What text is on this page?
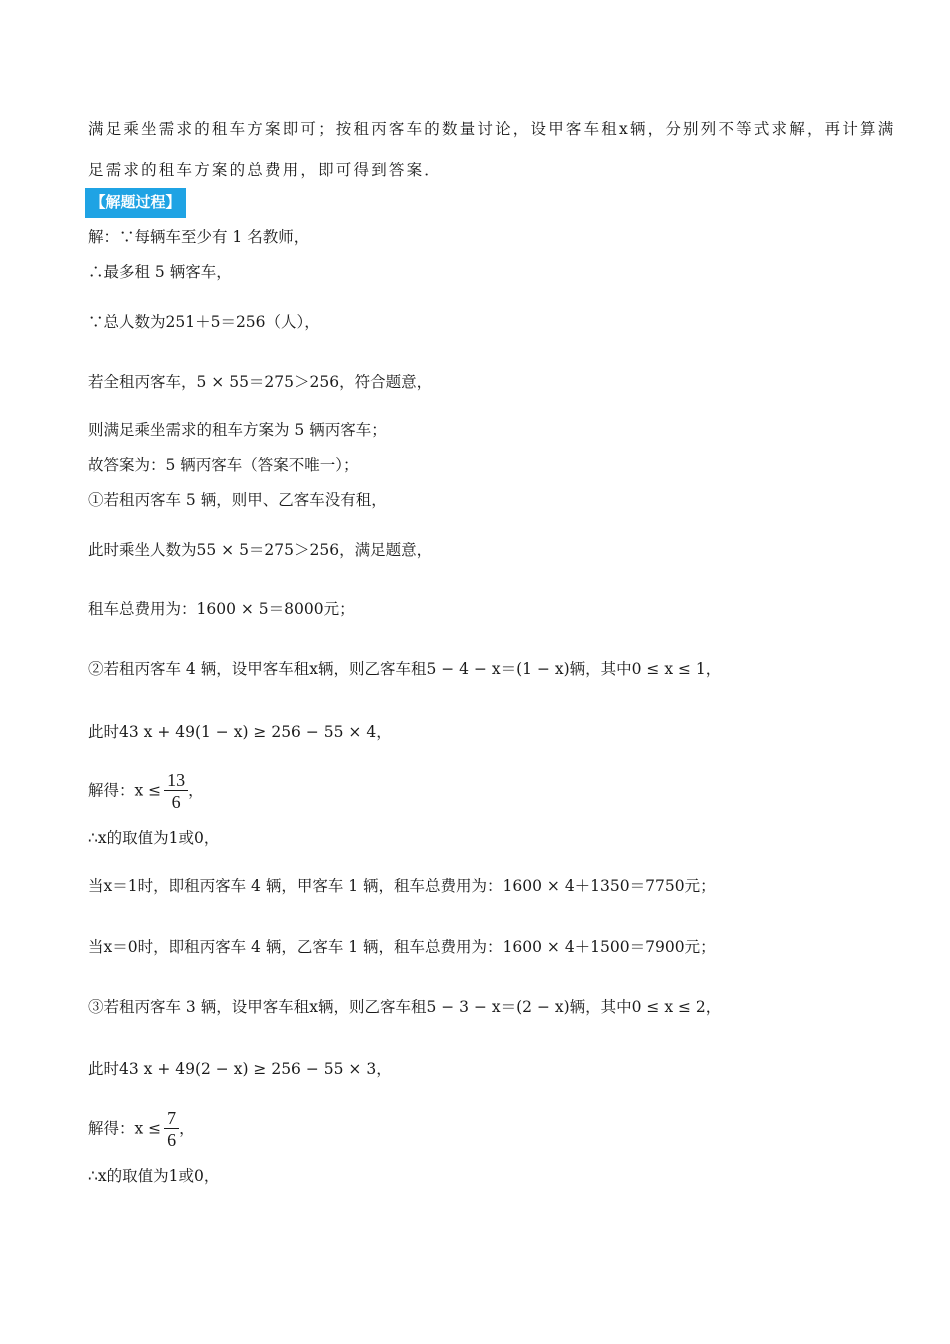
满足乘坐需求的租车方案即可；按租丙客车的数量讨论，设甲客车租x辆，分别列不等式求解，再计算满
足需求的租车方案的总费用，即可得到答案．
【解题过程】
解：∵每辆车至少有 1 名教师，
∴最多租 5 辆客车，
∵总人数为251＋5＝256（人），
若全租丙客车，5 × 55＝275＞256，符合题意，
则满足乘坐需求的租车方案为 5 辆丙客车；
故答案为：5 辆丙客车（答案不唯一）；
①若租丙客车 5 辆，则甲、乙客车没有租，
此时乘坐人数为55 × 5＝275＞256，满足题意，
租车总费用为：1600 × 5＝8000元；
②若租丙客车 4 辆，设甲客车租x辆，则乙客车租5 − 4 − x＝(1 − x)辆，其中0 ≤ x ≤ 1，
此时43 x + 49(1 − x) ≥ 256 − 55 × 4，
解得：$x \le \frac{13}{6}$ ，
∴x的取值为1或0，
当x＝1时，即租丙客车 4 辆，甲客车 1 辆，租车总费用为：1600 × 4＋1350＝7750元；
当x＝0时，即租丙客车 4 辆，乙客车 1 辆，租车总费用为：1600 × 4＋1500＝7900元；
③若租丙客车 3 辆，设甲客车租x辆，则乙客车租5 − 3 − x＝(2 − x)辆，其中0 ≤ x ≤ 2，
此时43 x + 49(2 − x) ≥ 256 − 55 × 3，
解得：$x \le \frac{7}{6}$ ，
∴x的取值为1或0，
